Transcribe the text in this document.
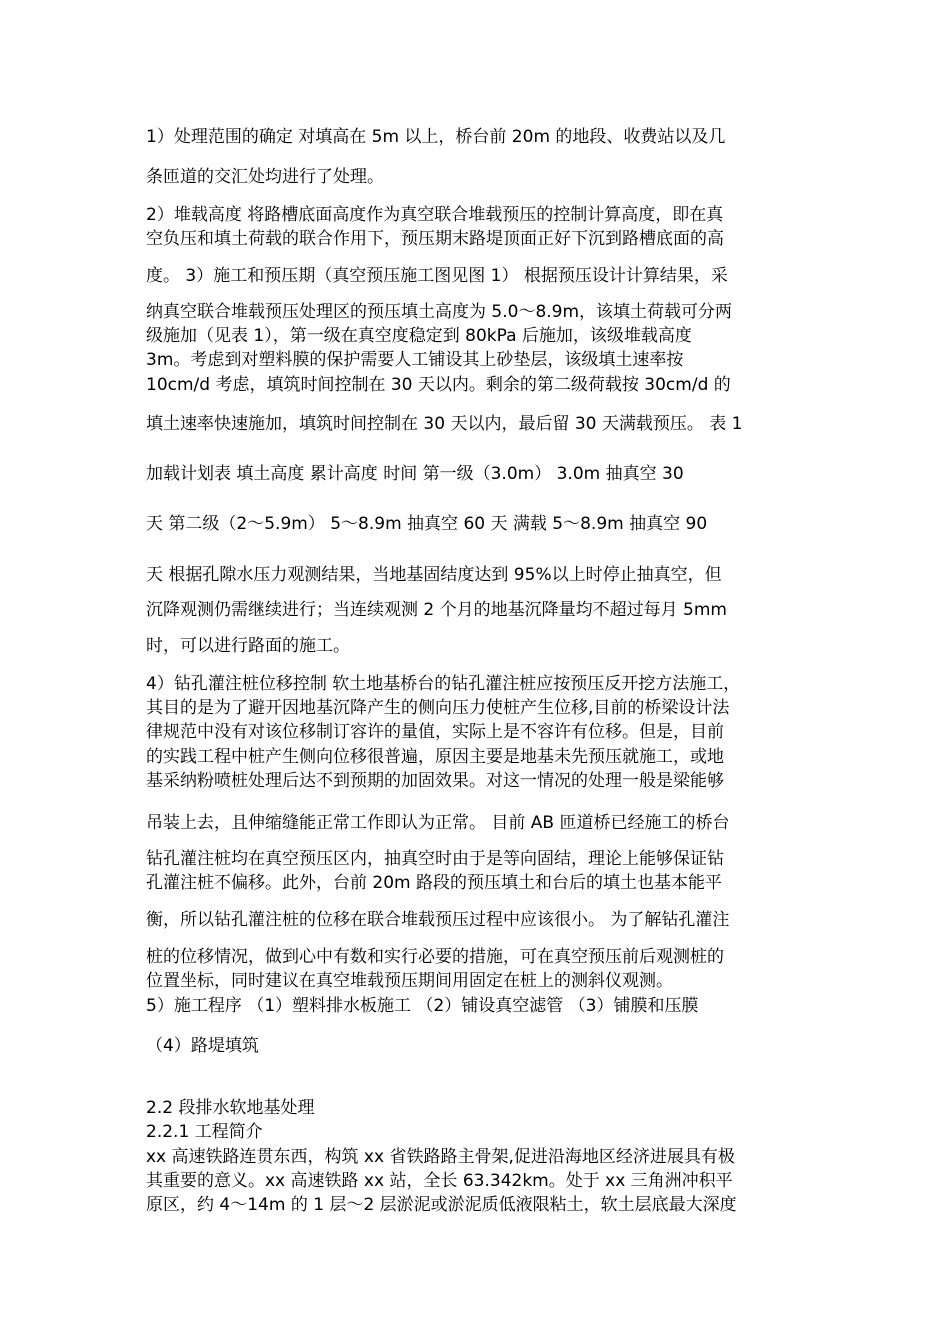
1）处理范围的确定 对填高在 5m 以上，桥台前 20m 的地段、收费站以及几
条匝道的交汇处均进行了处理。
2）堆载高度 将路槽底面高度作为真空联合堆载预压的控制计算高度，即在真
空负压和填土荷载的联合作用下，预压期末路堤顶面正好下沉到路槽底面的高
度。 3）施工和预压期（真空预压施工图见图 1） 根据预压设计计算结果，采
纳真空联合堆载预压处理区的预压填土高度为 5.0～8.9m，该填土荷载可分两
级施加（见表 1），第一级在真空度稳定到 80kPa 后施加，该级堆载高度
3m。考虑到对塑料膜的保护需要人工铺设其上砂垫层，该级填土速率按
10cm/d 考虑，填筑时间控制在 30 天以内。剩余的第二级荷载按 30cm/d 的
填土速率快速施加，填筑时间控制在 30 天以内，最后留 30 天满载预压。 表 1
加载计划表 填土高度 累计高度 时间 第一级（3.0m） 3.0m 抽真空 30
天 第二级（2～5.9m） 5～8.9m 抽真空 60 天 满载 5～8.9m 抽真空 90
天 根据孔隙水压力观测结果，当地基固结度达到 95%以上时停止抽真空，但
沉降观测仍需继续进行；当连续观测 2 个月的地基沉降量均不超过每月 5mm
时，可以进行路面的施工。
4）钻孔灌注桩位移控制 软土地基桥台的钻孔灌注桩应按预压反开挖方法施工，
其目的是为了避开因地基沉降产生的侧向压力使桩产生位移,目前的桥梁设计法
律规范中没有对该位移制订容许的量值，实际上是不容许有位移。但是，目前
的实践工程中桩产生侧向位移很普遍，原因主要是地基未先预压就施工，或地
基采纳粉喷桩处理后达不到预期的加固效果。对这一情况的处理一般是梁能够
吊装上去，且伸缩缝能正常工作即认为正常。 目前 AB 匝道桥已经施工的桥台
钻孔灌注桩均在真空预压区内，抽真空时由于是等向固结，理论上能够保证钻
孔灌注桩不偏移。此外，台前 20m 路段的预压填土和台后的填土也基本能平
衡，所以钻孔灌注桩的位移在联合堆载预压过程中应该很小。 为了解钻孔灌注
桩的位移情况，做到心中有数和实行必要的措施，可在真空预压前后观测桩的
位置坐标，同时建议在真空堆载预压期间用固定在桩上的测斜仪观测。
5）施工程序 （1）塑料排水板施工 （2）铺设真空滤管 （3）铺膜和压膜
（4）路堤填筑
2.2 段排水软地基处理
2.2.1 工程简介
xx 高速铁路连贯东西，构筑 xx 省铁路路主骨架,促进沿海地区经济进展具有极
其重要的意义。xx 高速铁路 xx 站，全长 63.342km。处于 xx 三角洲冲积平
原区，约 4～14m 的 1 层～2 层淤泥或淤泥质低液限粘土，软土层底最大深度
